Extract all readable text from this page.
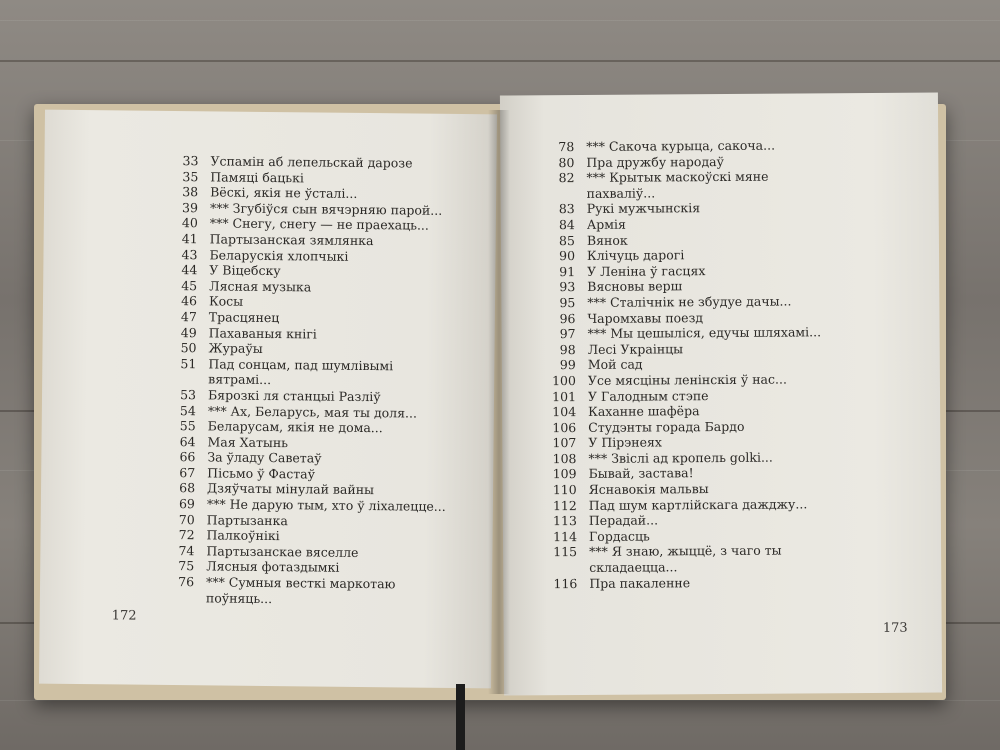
33 Успамін аб лепельскай дарозе
35 Памяці бацькі
38 Вёскі, якія не ўсталі...
39 *** Згубіўся сын вячэрняю парой...
40 *** Снегу, снегу — не праехаць...
41 Партызанская зямлянка
43 Беларускія хлопчыкі
44 У Віцебску
45 Лясная музыка
46 Косы
47 Трасцянец
49 Пахаваныя кнігі
50 Жураўы
51 Пад сонцам, пад шумлівымі вятрамі...
53 Бярозкі ля станцыі Разліў
54 *** Ах, Беларусь, мая ты доля...
55 Беларусам, якія не дома...
64 Мая Хатынь
66 За ўладу Саветаў
67 Пісьмо ў Фастаў
68 Дзяўчаты мінулай вайны
69 *** Не дарую тым, хто ў ліхалецце...
70 Партызанка
72 Палкоўнікі
74 Партызанскае вяселле
75 Лясныя фотаздымкі
76 *** Сумныя весткі маркотаю поўняць...
172
78 *** Сакоча курыца, сакоча...
80 Пра дружбу народаў
82 *** Крытык маскоўскі мяне пахваліў...
83 Рукі мужчынскія
84 Армія
85 Вянок
90 Клічуць дарогі
91 У Леніна ў гасцях
93 Вясновы верш
95 *** Сталічнік не збудуе дачы...
96 Чаромхавы поезд
97 *** Мы цешыліся, едучы шляхамі...
98 Лесі Украінцы
99 Мой сад
100 Усе мясціны ленінскія ў нас...
101 У Галодным стэпе
104 Каханне шафёра
106 Студэнты горада Бардо
107 У Пірэнеях
108 *** Звіслі ад кропель golkі...
109 Бывай, застава!
110 Яснавокія мальвы
112 Пад шум картлійскага дажджу...
113 Перадай...
114 Гордасць
115 *** Я знаю, жыццё, з чаго ты складаецца...
116 Пра пакаленне
173
